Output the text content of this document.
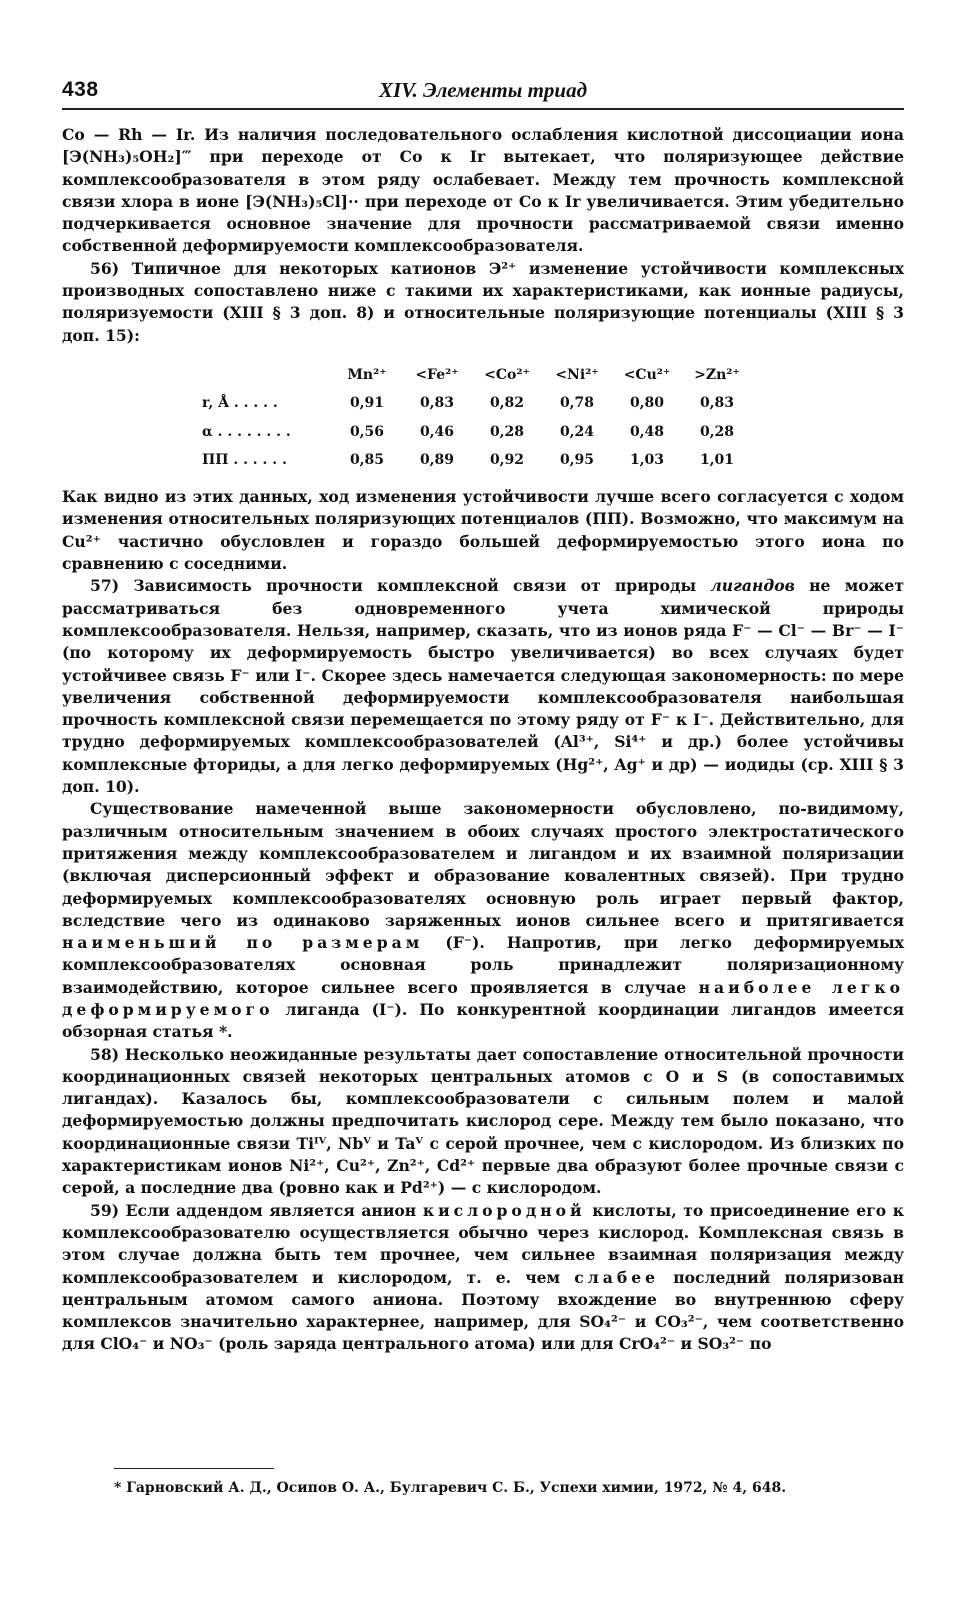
438	XIV. Элементы триад

Со — Rh — Ir. Из наличия последовательного ослабления кислотной диссоциации иона [Э(NH₃)₅OH₂]‴ при переходе от Со к Ir вытекает, что поляризующее действие комплексообразователя в этом ряду ослабевает. Между тем прочность комплексной связи хлора в ионе [Э(NH₃)₅Cl]·· при переходе от Со к Ir увеличивается. Этим убедительно подчеркивается основное значение для прочности рассматриваемой связи именно собственной деформируемости комплексообразователя.

56) Типичное для некоторых катионов Э²⁺ изменение устойчивости комплексных производных сопоставлено ниже с такими их характеристиками, как ионные радиусы, поляризуемости (XIII § 3 доп. 8) и относительные поляризующие потенциалы (XIII § 3 доп. 15):

	Mn²⁺	<Fe²⁺	<Co²⁺	<Ni²⁺	<Cu²⁺	>Zn²⁺
r, Å . . . . .	0,91	0,83	0,82	0,78	0,80	0,83
α . . . . . . . .	0,56	0,46	0,28	0,24	0,48	0,28
ПП . . . . . .	0,85	0,89	0,92	0,95	1,03	1,01

Как видно из этих данных, ход изменения устойчивости лучше всего согласуется с ходом изменения относительных поляризующих потенциалов (ПП). Возможно, что максимум на Cu²⁺ частично обусловлен и гораздо большей деформируемостью этого иона по сравнению с соседними.

57) Зависимость прочности комплексной связи от природы лигандов не может рассматриваться без одновременного учета химической природы комплексообразователя. Нельзя, например, сказать, что из ионов ряда F⁻ — Cl⁻ — Br⁻ — I⁻ (по которому их деформируемость быстро увеличивается) во всех случаях будет устойчивее связь F⁻ или I⁻. Скорее здесь намечается следующая закономерность: по мере увеличения собственной деформируемости комплексообразователя наибольшая прочность комплексной связи перемещается по этому ряду от F⁻ к I⁻. Действительно, для трудно деформируемых комплексообразователей (Al³⁺, Si⁴⁺ и др.) более устойчивы комплексные фториды, а для легко деформируемых (Hg²⁺, Ag⁺ и др) — иодиды (ср. XIII § 3 доп. 10).

Существование намеченной выше закономерности обусловлено, по-видимому, различным относительным значением в обоих случаях простого электростатического притяжения между комплексообразователем и лигандом и их взаимной поляризации (включая дисперсионный эффект и образование ковалентных связей). При трудно деформируемых комплексообразователях основную роль играет первый фактор, вследствие чего из одинаково заряженных ионов сильнее всего и притягивается наименьший по размерам (F⁻). Напротив, при легко деформируемых комплексообразователях основная роль принадлежит поляризационному взаимодействию, которое сильнее всего проявляется в случае наиболее легко деформируемого лиганда (I⁻). По конкурентной координации лигандов имеется обзорная статья *.

58) Несколько неожиданные результаты дает сопоставление относительной прочности координационных связей некоторых центральных атомов с O и S (в сопоставимых лигандах). Казалось бы, комплексообразователи с сильным полем и малой деформируемостью должны предпочитать кислород сере. Между тем было показано, что координационные связи Tiᴵⱽ, Nbⱽ и Taⱽ с серой прочнее, чем с кислородом. Из близких по характеристикам ионов Ni²⁺, Cu²⁺, Zn²⁺, Cd²⁺ первые два образуют более прочные связи с серой, а последние два (ровно как и Pd²⁺) — с кислородом.

59) Если аддендом является анион кислородной кислоты, то присоединение его к комплексообразователю осуществляется обычно через кислород. Комплексная связь в этом случае должна быть тем прочнее, чем сильнее взаимная поляризация между комплексообразователем и кислородом, т. е. чем слабее последний поляризован центральным атомом самого аниона. Поэтому вхождение во внутреннюю сферу комплексов значительно характернее, например, для SO₄²⁻ и CO₃²⁻, чем соответственно для ClO₄⁻ и NO₃⁻ (роль заряда центрального атома) или для CrO₄²⁻ и SO₃²⁻ по

* Гарновский А. Д., Осипов О. А., Булгаревич С. Б., Успехи химии, 1972, № 4, 648.
